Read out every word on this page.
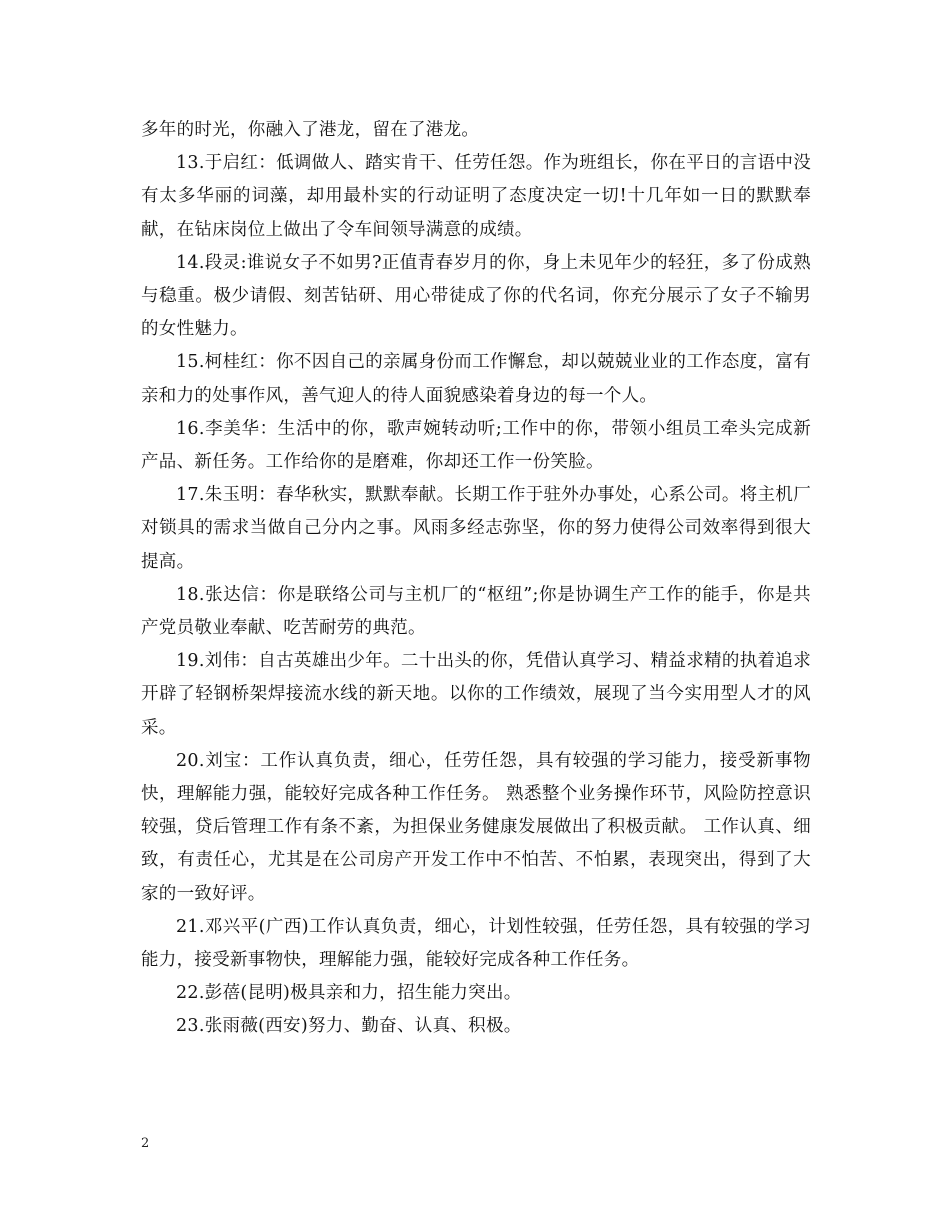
多年的时光，你融入了港龙，留在了港龙。

13.于启红：低调做人、踏实肯干、任劳任怨。作为班组长，你在平日的言语中没有太多华丽的词藻，却用最朴实的行动证明了态度决定一切!十几年如一日的默默奉献，在钻床岗位上做出了令车间领导满意的成绩。

14.段灵:谁说女子不如男?正值青春岁月的你，身上未见年少的轻狂，多了份成熟与稳重。极少请假、刻苦钻研、用心带徒成了你的代名词，你充分展示了女子不输男的女性魅力。

15.柯桂红：你不因自己的亲属身份而工作懈怠，却以兢兢业业的工作态度，富有亲和力的处事作风，善气迎人的待人面貌感染着身边的每一个人。

16.李美华：生活中的你，歌声婉转动听;工作中的你，带领小组员工牵头完成新产品、新任务。工作给你的是磨难，你却还工作一份笑脸。

17.朱玉明：春华秋实，默默奉献。长期工作于驻外办事处，心系公司。将主机厂对锁具的需求当做自己分内之事。风雨多经志弥坚，你的努力使得公司效率得到很大提高。

18.张达信：你是联络公司与主机厂的“枢纽”;你是协调生产工作的能手，你是共产党员敬业奉献、吃苦耐劳的典范。

19.刘伟：自古英雄出少年。二十出头的你，凭借认真学习、精益求精的执着追求开辟了轻钢桥架焊接流水线的新天地。以你的工作绩效，展现了当今实用型人才的风采。

20.刘宝：工作认真负责，细心，任劳任怨，具有较强的学习能力，接受新事物快，理解能力强，能较好完成各种工作任务。 熟悉整个业务操作环节，风险防控意识较强，贷后管理工作有条不紊，为担保业务健康发展做出了积极贡献。 工作认真、细致，有责任心，尤其是在公司房产开发工作中不怕苦、不怕累，表现突出，得到了大家的一致好评。

21.邓兴平(广西)工作认真负责，细心，计划性较强，任劳任怨，具有较强的学习能力，接受新事物快，理解能力强，能较好完成各种工作任务。

22.彭蓓(昆明)极具亲和力，招生能力突出。

23.张雨薇(西安)努力、勤奋、认真、积极。

2
